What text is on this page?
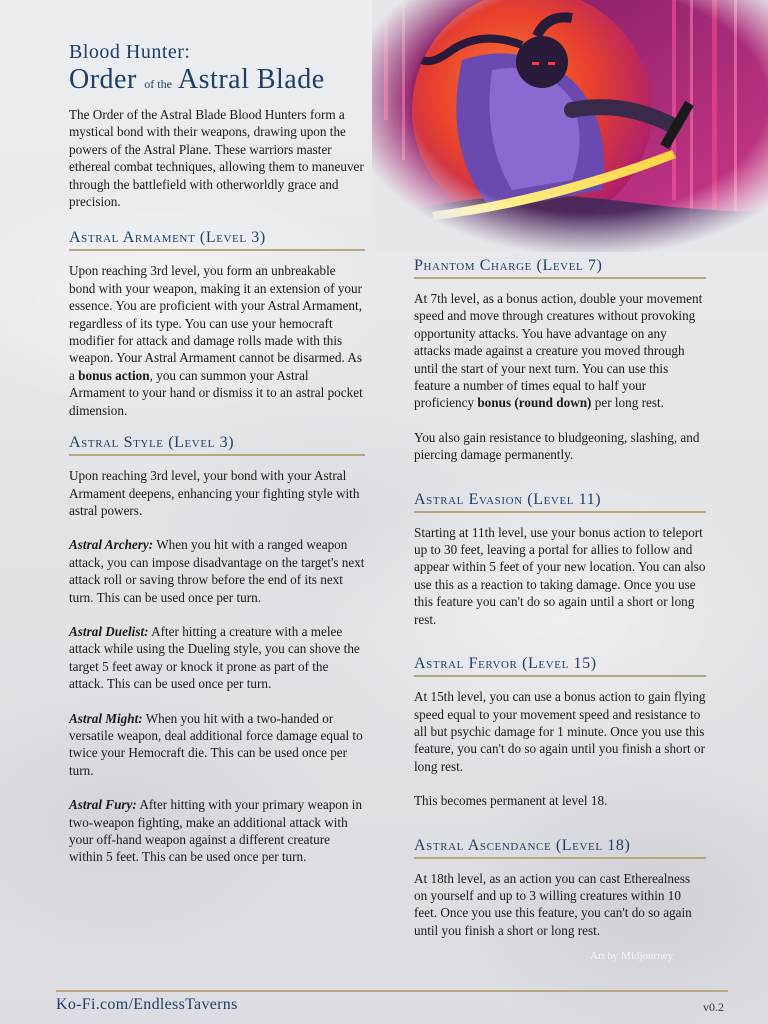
Blood Hunter:
Order of the Astral Blade

The Order of the Astral Blade Blood Hunters form a mystical bond with their weapons, drawing upon the powers of the Astral Plane. These warriors master ethereal combat techniques, allowing them to maneuver through the battlefield with otherworldly grace and precision.

Astral Armament (Level 3)

Upon reaching 3rd level, you form an unbreakable bond with your weapon, making it an extension of your essence. You are proficient with your Astral Armament, regardless of its type. You can use your hemocraft modifier for attack and damage rolls made with this weapon. Your Astral Armament cannot be disarmed. As a bonus action, you can summon your Astral Armament to your hand or dismiss it to an astral pocket dimension.

Astral Style (Level 3)

Upon reaching 3rd level, your bond with your Astral Armament deepens, enhancing your fighting style with astral powers.

Astral Archery: When you hit with a ranged weapon attack, you can impose disadvantage on the target's next attack roll or saving throw before the end of its next turn. This can be used once per turn.

Astral Duelist: After hitting a creature with a melee attack while using the Dueling style, you can shove the target 5 feet away or knock it prone as part of the attack. This can be used once per turn.

Astral Might: When you hit with a two-handed or versatile weapon, deal additional force damage equal to twice your Hemocraft die. This can be used once per turn.

Astral Fury: After hitting with your primary weapon in two-weapon fighting, make an additional attack with your off-hand weapon against a different creature within 5 feet. This can be used once per turn.

Phantom Charge (Level 7)

At 7th level, as a bonus action, double your movement speed and move through creatures without provoking opportunity attacks. You have advantage on any attacks made against a creature you moved through until the start of your next turn. You can use this feature a number of times equal to half your proficiency bonus (round down) per long rest.

You also gain resistance to bludgeoning, slashing, and piercing damage permanently.

Astral Evasion (Level 11)

Starting at 11th level, use your bonus action to teleport up to 30 feet, leaving a portal for allies to follow and appear within 5 feet of your new location. You can also use this as a reaction to taking damage. Once you use this feature you can't do so again until a short or long rest.

Astral Fervor (Level 15)

At 15th level, you can use a bonus action to gain flying speed equal to your movement speed and resistance to all but psychic damage for 1 minute. Once you use this feature, you can't do so again until you finish a short or long rest.

This becomes permanent at level 18.

Astral Ascendance (Level 18)

At 18th level, as an action you can cast Etherealness on yourself and up to 3 willing creatures within 10 feet. Once you use this feature, you can't do so again until you finish a short or long rest.

Art by Midjourney
Ko-Fi.com/EndlessTaverns	v0.2
